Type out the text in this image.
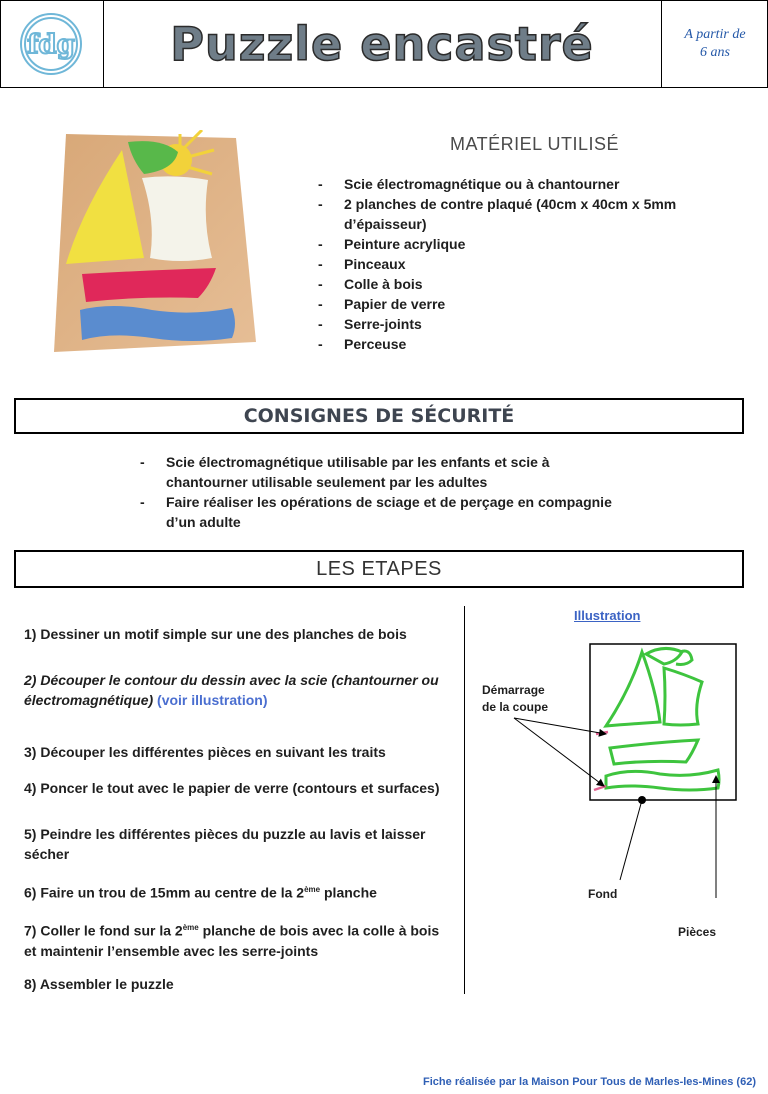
fdg	Puzzle encastré	A partir de
6 ans
MATÉRIEL UTILISÉ
- Scie électromagnétique ou à chantourner
- 2 planches de contre plaqué (40cm x 40cm x 5mm d’épaisseur)
- Peinture acrylique
- Pinceaux
- Colle à bois
- Papier de verre
- Serre-joints
- Perceuse
CONSIGNES DE SÉCURITÉ
- Scie électromagnétique utilisable par les enfants et scie à chantourner utilisable seulement par les adultes
- Faire réaliser les opérations de sciage et de perçage en compagnie d’un adulte
LES ETAPES
1) Dessiner un motif simple sur une des planches de bois
2) Découper le contour du dessin avec la scie (chantourner ou électromagnétique) (voir illustration)
3) Découper les différentes pièces en suivant les traits
4) Poncer le tout avec le papier de verre (contours et surfaces)
5) Peindre les différentes pièces du puzzle au lavis et laisser sécher
6) Faire un trou de 15mm au centre de la 2ème planche
7) Coller le fond sur la 2ème planche de bois avec la colle à bois et maintenir l’ensemble avec les serre-joints
8) Assembler le puzzle
Illustration
Démarrage
de la coupe
Fond
Pièces
Fiche réalisée par la Maison Pour Tous de Marles-les-Mines (62)
